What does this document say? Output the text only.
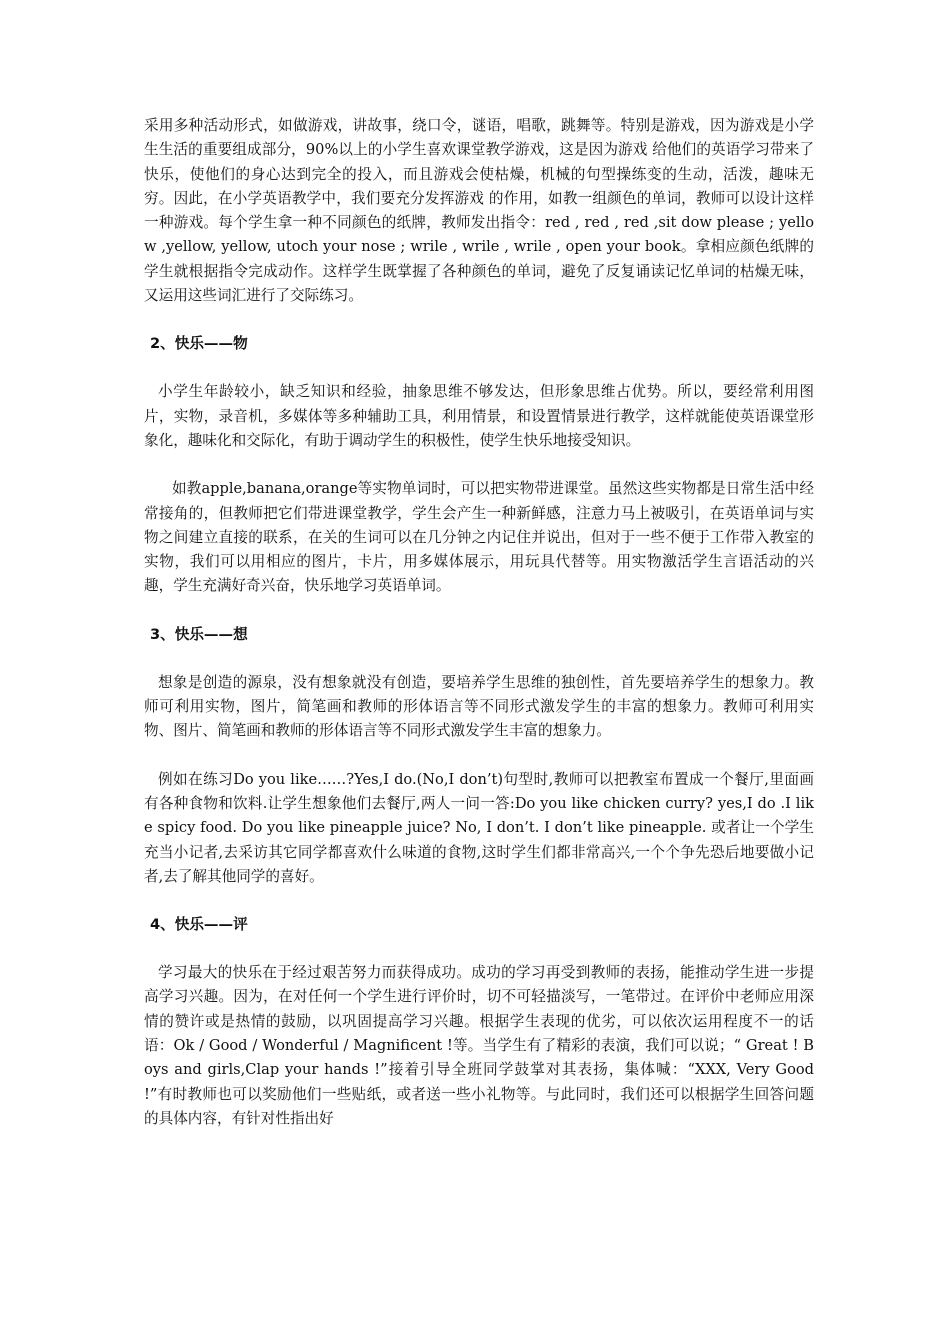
采用多种活动形式，如做游戏，讲故事，绕口令，谜语，唱歌，跳舞等。特别是游戏，因为游戏是小学生生活的重要组成部分，90%以上的小学生喜欢课堂教学游戏，这是因为游戏 给他们的英语学习带来了快乐，使他们的身心达到完全的投入，而且游戏会使枯燥，机械的句型操练变的生动，活泼，趣味无穷。因此，在小学英语教学中，我们要充分发挥游戏 的作用，如教一组颜色的单词，教师可以设计这样一种游戏。每个学生拿一种不同颜色的纸牌，教师发出指令：red , red , red ,sit dow please ; yellow ,yellow, yellow, utoch your nose ; wrile , wrile , wrile , open your book。拿相应颜色纸牌的学生就根据指令完成动作。这样学生既掌握了各种颜色的单词，避免了反复诵读记忆单词的枯燥无味，又运用这些词汇进行了交际练习。

2、快乐——物

小学生年龄较小，缺乏知识和经验，抽象思维不够发达，但形象思维占优势。所以，要经常利用图片，实物，录音机，多媒体等多种辅助工具，利用情景，和设置情景进行教学，这样就能使英语课堂形象化，趣味化和交际化，有助于调动学生的积极性，使学生快乐地接受知识。

如教apple,banana,orange等实物单词时，可以把实物带进课堂。虽然这些实物都是日常生活中经常接角的，但教师把它们带进课堂教学，学生会产生一种新鲜感，注意力马上被吸引，在英语单词与实物之间建立直接的联系，在关的生词可以在几分钟之内记住并说出，但对于一些不便于工作带入教室的实物，我们可以用相应的图片，卡片，用多媒体展示，用玩具代替等。用实物激活学生言语活动的兴趣，学生充满好奇兴奋，快乐地学习英语单词。

3、快乐——想

想象是创造的源泉，没有想象就没有创造，要培养学生思维的独创性，首先要培养学生的想象力。教师可利用实物，图片，简笔画和教师的形体语言等不同形式激发学生的丰富的想象力。教师可利用实物、图片、简笔画和教师的形体语言等不同形式激发学生丰富的想象力。

例如在练习Do you like……?Yes,I do.(No,I don’t)句型时,教师可以把教室布置成一个餐厅,里面画有各种食物和饮料.让学生想象他们去餐厅,两人一问一答:Do you like chicken curry? yes,I do .I like spicy food. Do you like pineapple juice? No, I don’t. I don’t like pineapple. 或者让一个学生充当小记者,去采访其它同学都喜欢什么味道的食物,这时学生们都非常高兴,一个个争先恐后地要做小记者,去了解其他同学的喜好。

4、快乐——评

学习最大的快乐在于经过艰苦努力而获得成功。成功的学习再受到教师的表扬，能推动学生进一步提高学习兴趣。因为，在对任何一个学生进行评价时，切不可轻描淡写，一笔带过。在评价中老师应用深情的赞许或是热情的鼓励，以巩固提高学习兴趣。根据学生表现的优劣，可以依次运用程度不一的话语：Ok / Good / Wonderful / Magnificent !等。当学生有了精彩的表演，我们可以说；“ Great ! Boys and girls,Clap your hands !”接着引导全班同学鼓掌对其表扬，集体喊：“XXX, Very Good !”有时教师也可以奖励他们一些贴纸，或者送一些小礼物等。与此同时，我们还可以根据学生回答问题的具体内容，有针对性指出好
